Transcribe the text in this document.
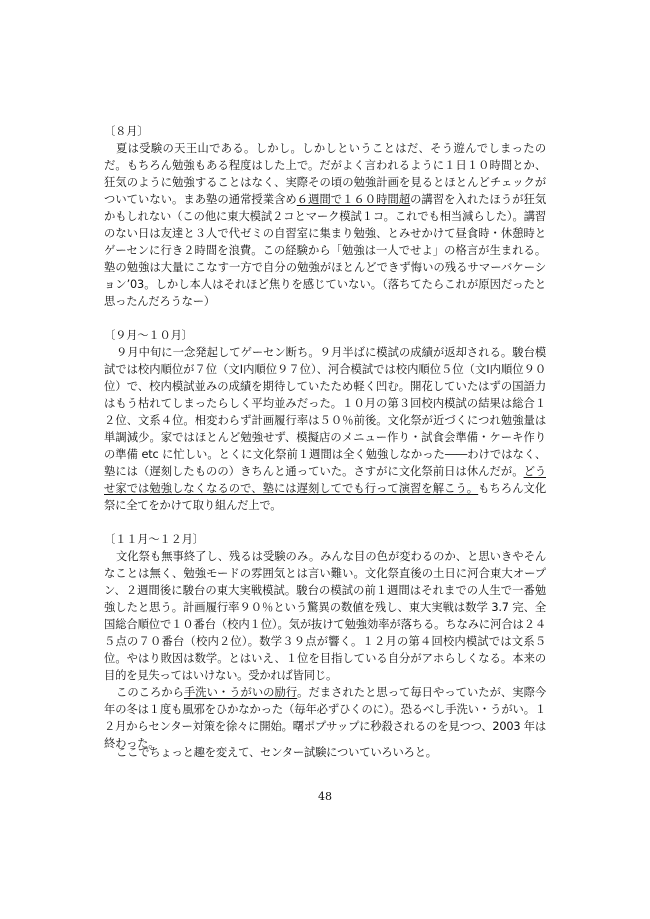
〔８月〕

夏は受験の天王山である。しかし。しかしということはだ、そう遊んでしまったのだ。もちろん勉強もある程度はした上で。だがよく言われるように１日１０時間とか、狂気のように勉強することはなく、実際その頃の勉強計画を見るとほとんどチェックがついていない。まあ塾の通常授業含め６週間で１６０時間超の講習を入れたほうが狂気かもしれない（この他に東大模試２コとマーク模試１コ。これでも相当減らした）。講習のない日は友達と３人で代ゼミの自習室に集まり勉強、とみせかけて昼食時・休憩時とゲーセンに行き２時間を浪費。この経験から「勉強は一人でせよ」の格言が生まれる。塾の勉強は大量にこなす一方で自分の勉強がほとんどできず悔いの残るサマーバケーション’03。しかし本人はそれほど焦りを感じていない。（落ちてたらこれが原因だったと思ったんだろうなー）

〔９月～１０月〕

９月中旬に一念発起してゲーセン断ち。９月半ばに模試の成績が返却される。駿台模試では校内順位が７位（文Ⅰ内順位９７位）、河合模試では校内順位５位（文Ⅰ内順位９０位）で、校内模試並みの成績を期待していたため軽く凹む。開花していたはずの国語力はもう枯れてしまったらしく平均並みだった。１０月の第３回校内模試の結果は総合１２位、文系４位。相変わらず計画履行率は５０％前後。文化祭が近づくにつれ勉強量は単調減少。家ではほとんど勉強せず、模擬店のメニュー作り・試食会準備・ケーキ作りの準備 etc に忙しい。とくに文化祭前１週間は全く勉強しなかった――わけではなく、塾には（遅刻したものの）きちんと通っていた。さすがに文化祭前日は休んだが。どうせ家では勉強しなくなるので、塾には遅刻してでも行って演習を解こう。もちろん文化祭に全てをかけて取り組んだ上で。

〔１１月～１２月〕

文化祭も無事終了し、残るは受験のみ。みんな目の色が変わるのか、と思いきやそんなことは無く、勉強モードの雰囲気とは言い難い。文化祭直後の土日に河合東大オープン、２週間後に駿台の東大実戦模試。駿台の模試の前１週間はそれまでの人生で一番勉強したと思う。計画履行率９０％という驚異の数値を残し、東大実戦は数学 3.7 完、全国総合順位で１０番台（校内１位）。気が抜けて勉強効率が落ちる。ちなみに河合は２４５点の７０番台（校内２位）。数学３９点が響く。１２月の第４回校内模試では文系５位。やはり敗因は数学。とはいえ、１位を目指している自分がアホらしくなる。本来の目的を見失ってはいけない。受かれば皆同じ。

このころから手洗い・うがいの励行。だまされたと思って毎日やっていたが、実際今年の冬は１度も風邪をひかなかった（毎年必ずひくのに）。恐るべし手洗い・うがい。１２月からセンター対策を徐々に開始。曙ポプサップに秒殺されるのを見つつ、2003 年は終わった。

ここでちょっと趣を変えて、センター試験についていろいろと。
48
